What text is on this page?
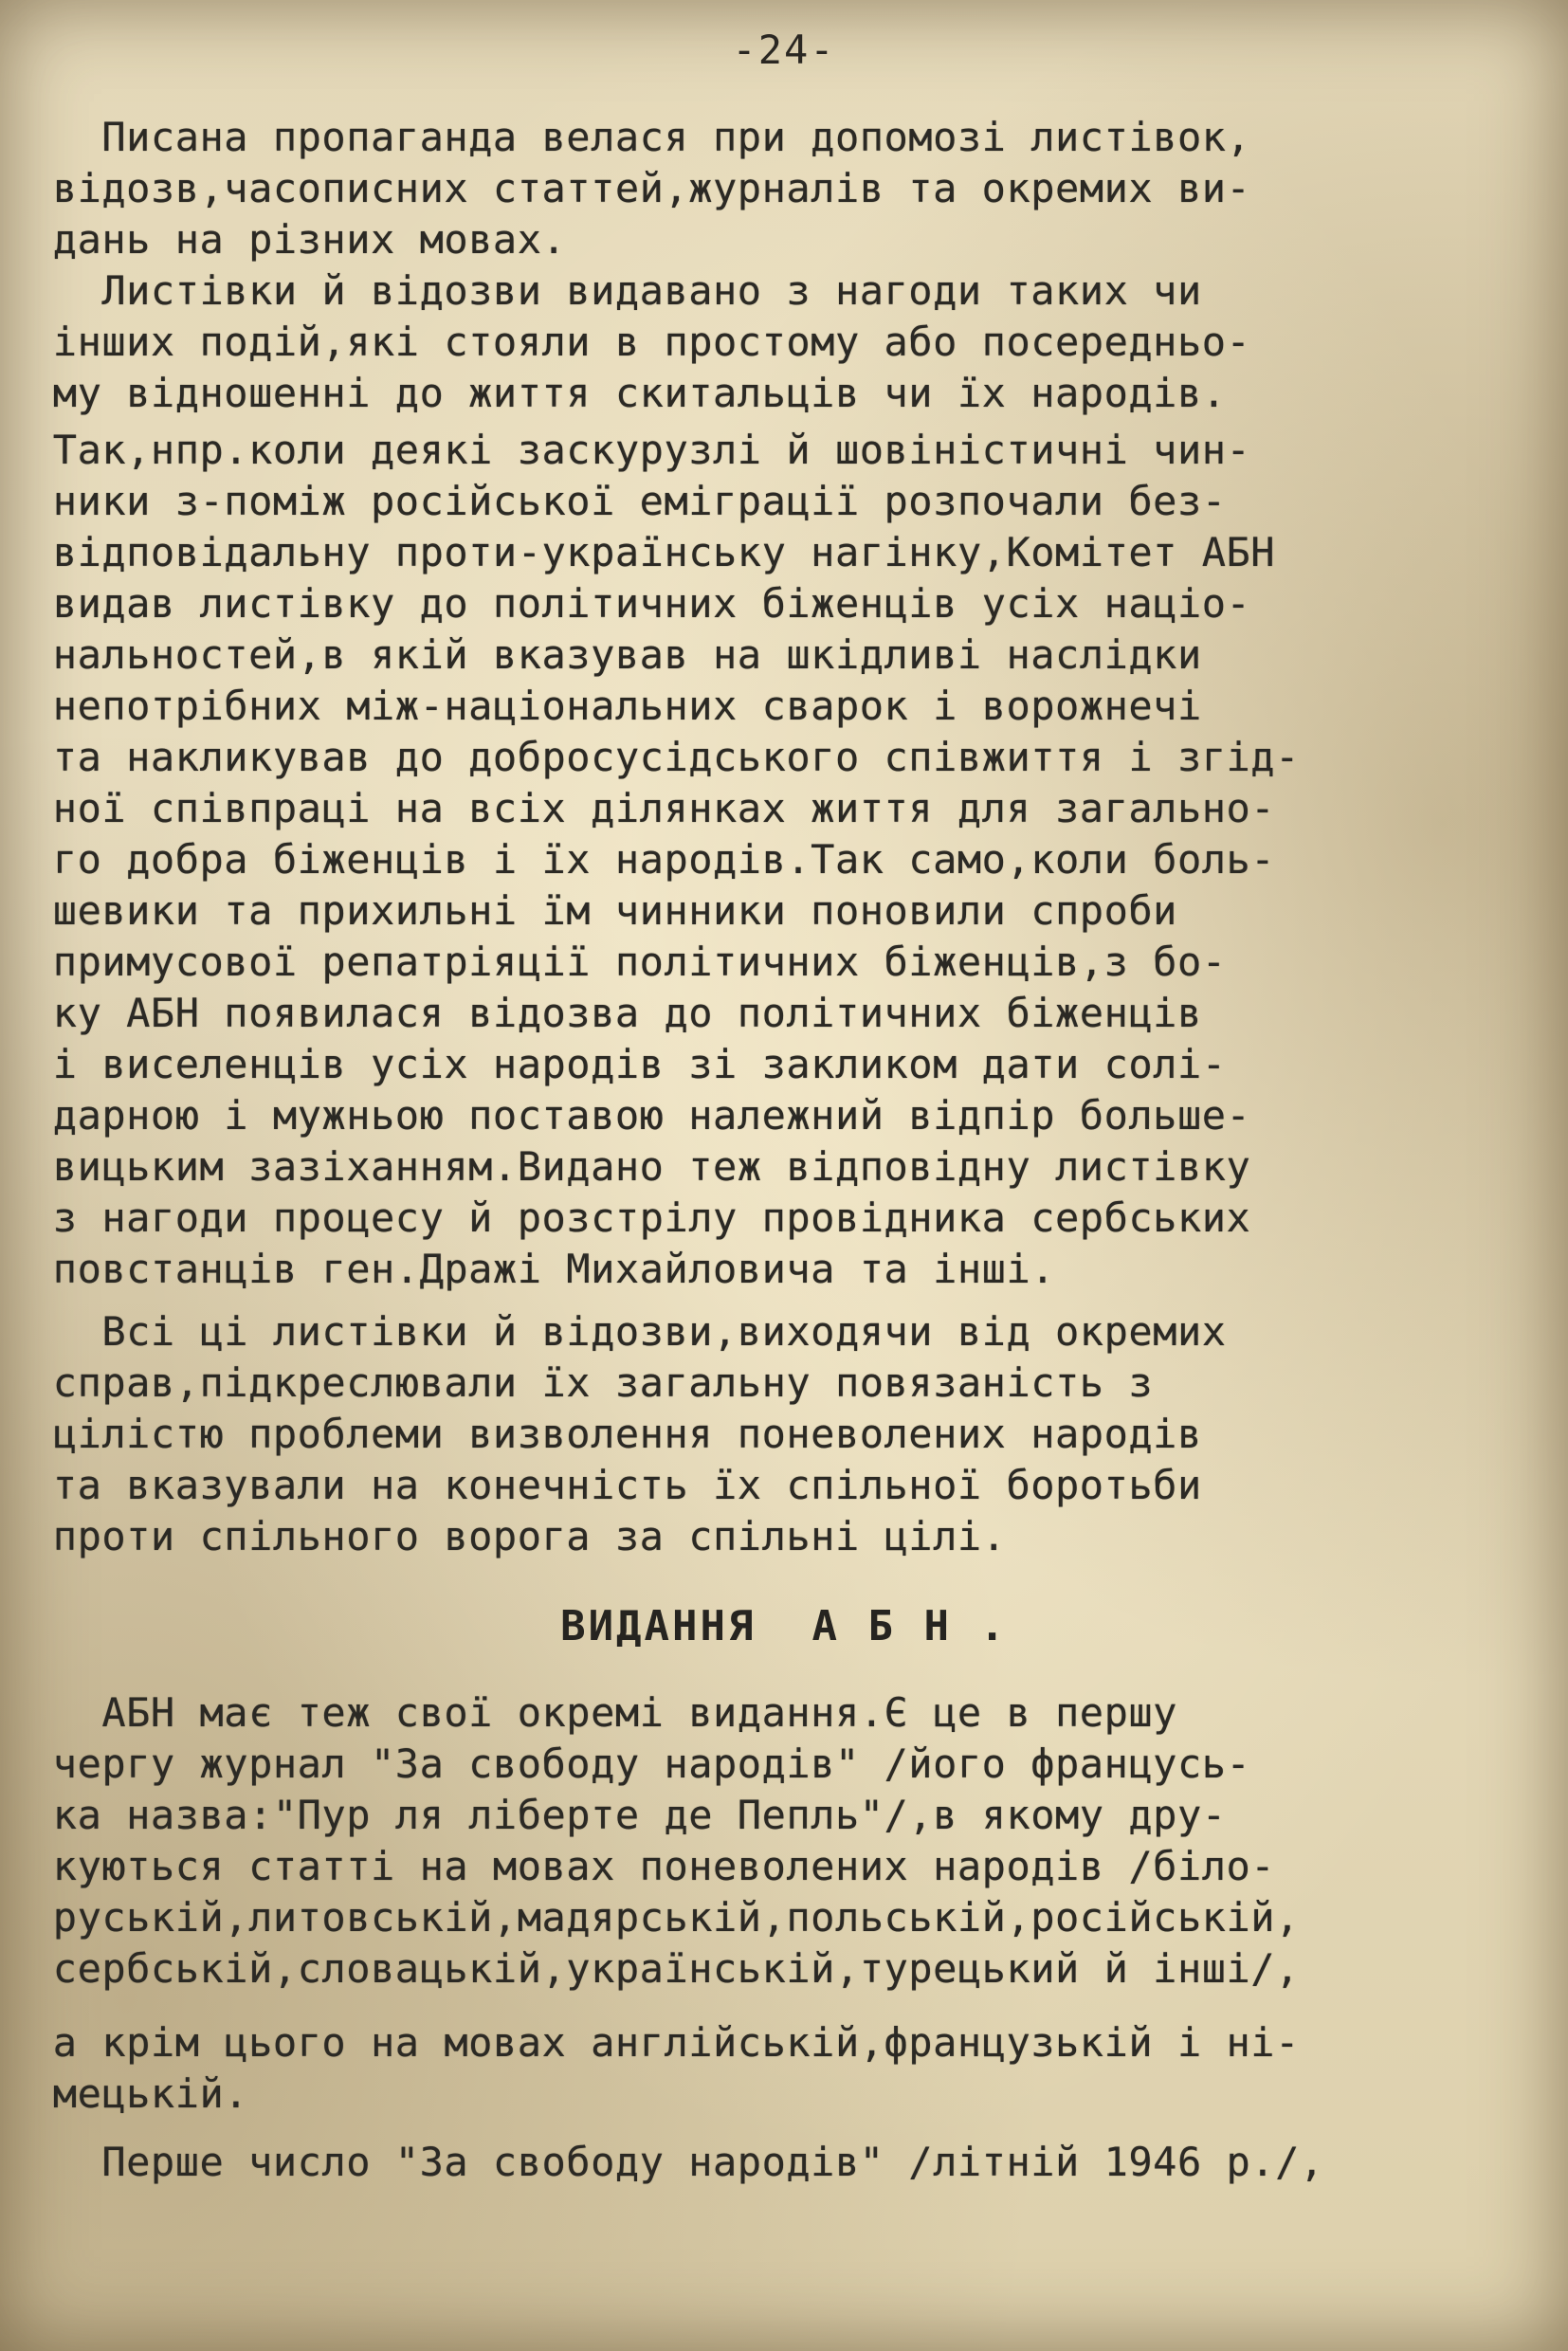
-24-
Писана пропаганда велася при допомозі листівок,
відозв,часописних статтей,журналів та окремих ви-
дань на різних мовах.
Листівки й відозви видавано з нагоди таких чи
інших подій,які стояли в простому або посередньо-
му відношенні до життя скитальців чи їх народів.
Так,нпр.коли деякі заскурузлі й шовіністичні чин-
ники з-поміж російської еміграції розпочали без-
відповідальну проти-українську нагінку,Комітет АБН
видав листівку до політичних біженців усіх націо-
нальностей,в якій вказував на шкідливі наслідки
непотрібних між-національних сварок і ворожнечі
та накликував до добросусідського співжиття і згід-
ної співпраці на всіх ділянках життя для загально-
го добра біженців і їх народів.Так само,коли боль-
шевики та прихильні їм чинники поновили спроби
примусової репатріяції політичних біженців,з бо-
ку АБН появилася відозва до політичних біженців
і виселенців усіх народів зі закликом дати солі-
дарною і мужньою поставою належний відпір больше-
вицьким зазіханням.Видано теж відповідну листівку
з нагоди процесу й розстрілу провідника сербських
повстанців ген.Дражі Михайловича та інші.
Всі ці листівки й відозви,виходячи від окремих
справ,підкреслювали їх загальну повязаність з
цілістю проблеми визволення поневолених народів
та вказували на конечність їх спільної боротьби
проти спільного ворога за спільні цілі.
ВИДАННЯ  А Б Н .
АБН має теж свої окремі видання.Є це в першу
чергу журнал "За свободу народів" /його францусь-
ка назва:"Пур ля ліберте де Пепль"/,в якому дру-
куються статті на мовах поневолених народів /біло-
руській,литовській,мадярській,польській,російській,
сербській,словацькій,українській,турецький й інші/,
а крім цього на мовах англійській,французькій і ні-
мецькій.
Перше число "За свободу народів" /літній 1946 р./,
